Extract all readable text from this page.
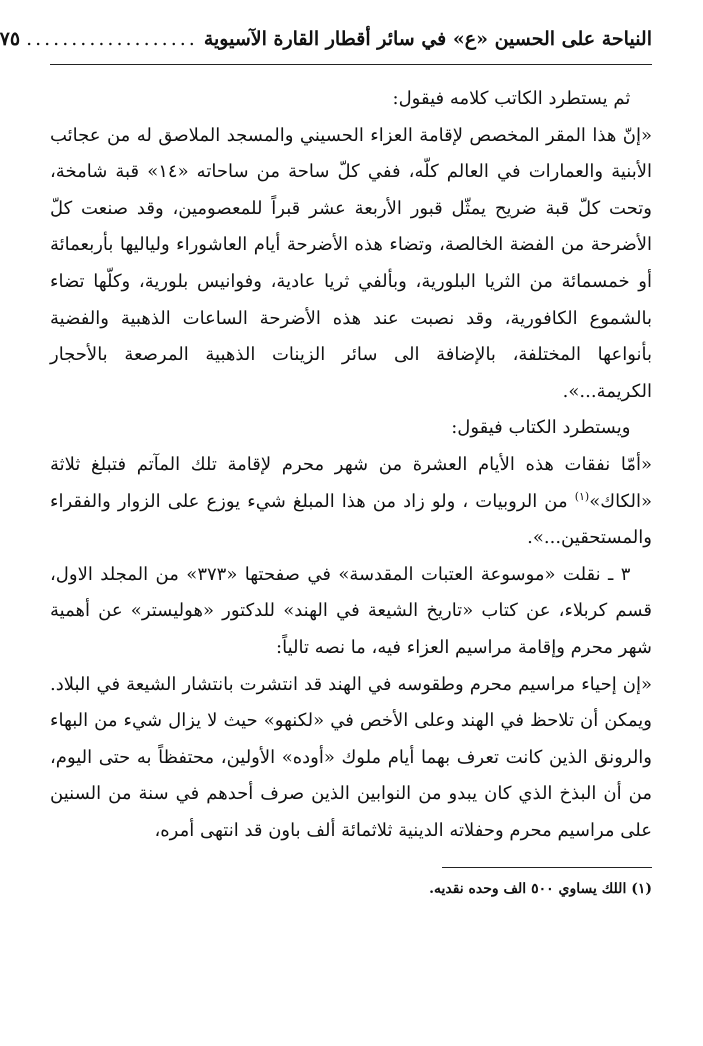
النياحة على الحسين «ع» في سائر أقطار القارة الآسيوية
...................
٧٥

ثم يستطرد الكاتب كلامه فيقول:

«إنّ هذا المقر المخصص لإقامة العزاء الحسيني والمسجد الملاصق له من عجائب الأبنية والعمارات في العالم كلّه، ففي كلّ ساحة من ساحاته «١٤» قبة شامخة، وتحت كلّ قبة ضريح يمثّل قبور الأربعة عشر قبراً للمعصومين، وقد صنعت كلّ الأضرحة من الفضة الخالصة، وتضاء هذه الأضرحة أيام العاشوراء ولياليها بأربعمائة أو خمسمائة من الثريا البلورية، وبألفي ثريا عادية، وفوانيس بلورية، وكلّها تضاء بالشموع الكافورية، وقد نصبت عند هذه الأضرحة الساعات الذهبية والفضية بأنواعها المختلفة، بالإضافة الى سائر الزينات الذهبية المرصعة بالأحجار الكريمة...».

ويستطرد الكتاب فيقول:

«أمّا نفقات هذه الأيام العشرة من شهر محرم لإقامة تلك المآتم فتبلغ ثلاثة «الكاك»$^{(١)}$ من الروبيات ، ولو زاد من هذا المبلغ شيء يوزع على الزوار والفقراء والمستحقين...».

٣ ـ نقلت «موسوعة العتبات المقدسة» في صفحتها «٣٧٣» من المجلد الاول، قسم كربلاء، عن كتاب «تاريخ الشيعة في الهند» للدكتور «هوليستر» عن أهمية شهر محرم وإقامة مراسيم العزاء فيه، ما نصه تالياً:

«إن إحياء مراسيم محرم وطقوسه في الهند قد انتشرت بانتشار الشيعة في البلاد. ويمكن أن تلاحظ في الهند وعلى الأخص في «لكنهو» حيث لا يزال شيء من البهاء والرونق الذين كانت تعرف بهما أيام ملوك «أوده» الأولين، محتفظاً به حتى اليوم، من أن البذخ الذي كان يبدو من النوابين الذين صرف أحدهم في سنة من السنين على مراسيم محرم وحفلاته الدينية ثلاثمائة ألف باون قد انتهى أمره،

(١) اللك يساوي ٥٠٠ الف وحده نقديه.
